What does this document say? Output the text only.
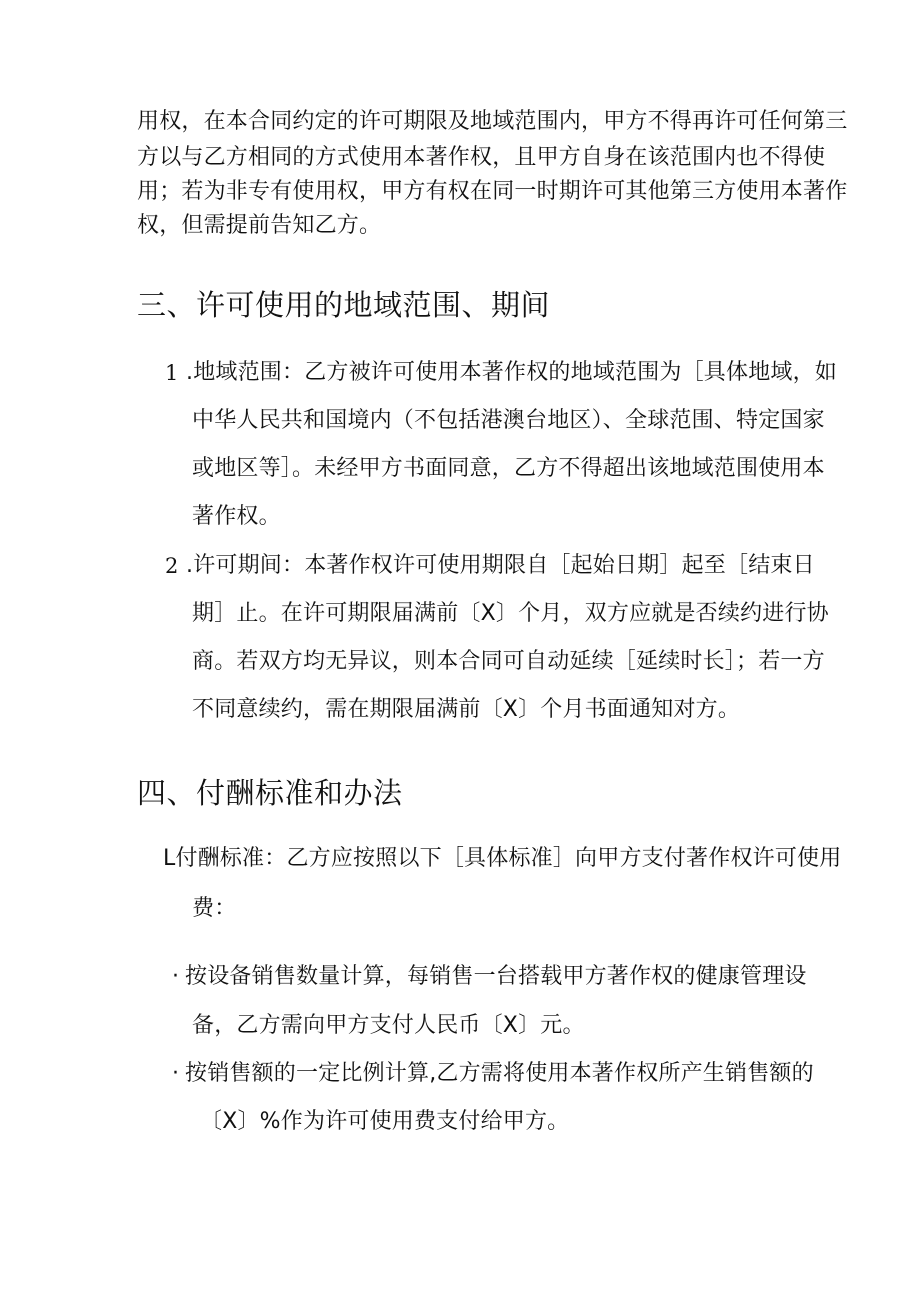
用权，在本合同约定的许可期限及地域范围内，甲方不得再许可任何第三
方以与乙方相同的方式使用本著作权，且甲方自身在该范围内也不得使
用；若为非专有使用权，甲方有权在同一时期许可其他第三方使用本著作
权，但需提前告知乙方。
三、许可使用的地域范围、期间
1 .地域范围：乙方被许可使用本著作权的地域范围为［具体地域，如
中华人民共和国境内（不包括港澳台地区）、全球范围、特定国家
或地区等］。未经甲方书面同意，乙方不得超出该地域范围使用本
著作权。
2 .许可期间：本著作权许可使用期限自［起始日期］起至［结束日
期］止。在许可期限届满前〔X〕个月，双方应就是否续约进行协
商。若双方均无异议，则本合同可自动延续［延续时长］；若一方
不同意续约，需在期限届满前〔X〕个月书面通知对方。
四、付酬标准和办法
L付酬标准：乙方应按照以下［具体标准］向甲方支付著作权许可使用
费：
· 按设备销售数量计算，每销售一台搭载甲方著作权的健康管理设
备，乙方需向甲方支付人民币〔X〕元。
· 按销售额的一定比例计算,乙方需将使用本著作权所产生销售额的
〔X〕%作为许可使用费支付给甲方。
